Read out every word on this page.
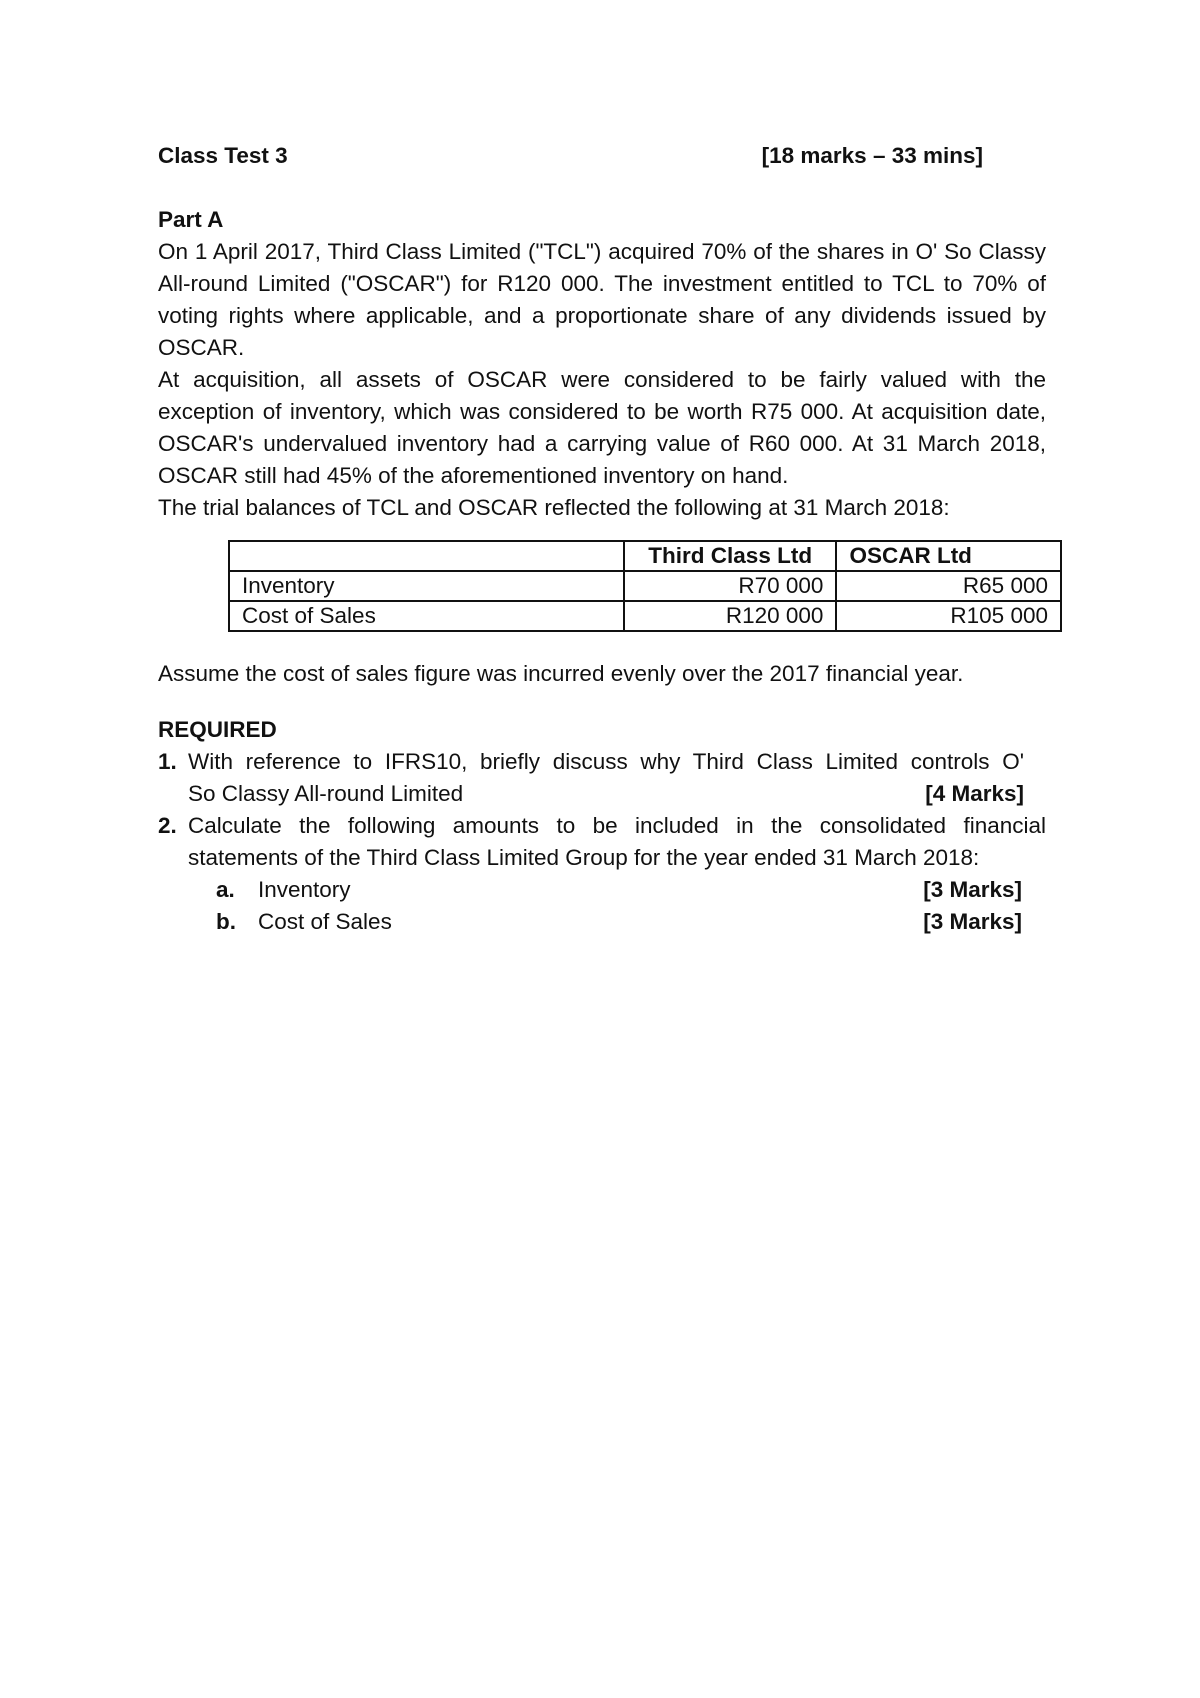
Class Test 3	[18 marks – 33 mins]
Part A
On 1 April 2017, Third Class Limited ("TCL") acquired 70% of the shares in O' So Classy All-round Limited ("OSCAR") for R120 000. The investment entitled to TCL to 70% of voting rights where applicable, and a proportionate share of any dividends issued by OSCAR.
At acquisition, all assets of OSCAR were considered to be fairly valued with the exception of inventory, which was considered to be worth R75 000. At acquisition date, OSCAR's undervalued inventory had a carrying value of R60 000. At 31 March 2018, OSCAR still had 45% of the aforementioned inventory on hand.
The trial balances of TCL and OSCAR reflected the following at 31 March 2018:
	Third Class Ltd	OSCAR Ltd
Inventory	R70 000	R65 000
Cost of Sales	R120 000	R105 000
Assume the cost of sales figure was incurred evenly over the 2017 financial year.
REQUIRED
1. With reference to IFRS10, briefly discuss why Third Class Limited controls O'
So Classy All-round Limited	[4 Marks]
2. Calculate the following amounts to be included in the consolidated financial statements of the Third Class Limited Group for the year ended 31 March 2018:
a.	Inventory	[3 Marks]
b. Cost of Sales	[3 Marks]
